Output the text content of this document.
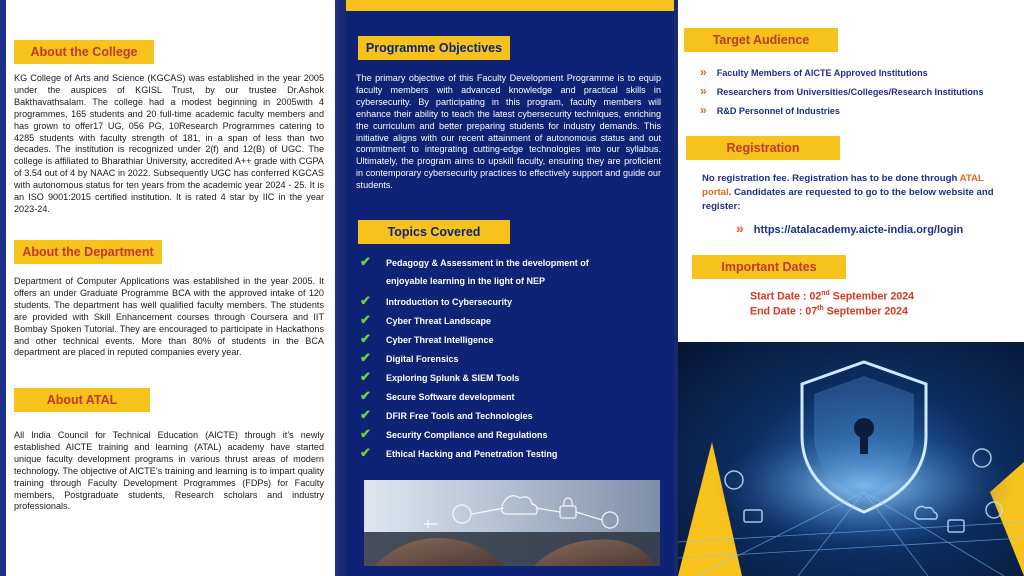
About the College
KG College of Arts and Science (KGCAS) was established in the year 2005 under the auspices of KGISL Trust, by our trustee Dr.Ashok Bakthavathsalam. The college had a modest beginning in 2005with 4 programmes, 165 students and 20 full-time academic faculty members and has grown to offer17 UG, 056 PG, 10Research Programmes catering to 4285 students with faculty strength of 181, in a span of less than two decades. The institution is recognized under 2(f) and 12(B) of UGC. The college is affiliated to Bharathiar University, accredited A++ grade with CGPA of 3.54 out of 4 by NAAC in 2022. Subsequently UGC has conferred KGCAS with autonomous status for ten years from the academic year 2024 - 25. It is an ISO 9001:2015 certified institution. It is rated 4 star by IIC in the year 2023-24.
About the Department
Department of Computer Applications was established in the year 2005. It offers an under Graduate Programme BCA with the approved intake of 120 students. The department has well qualified faculty members. The students are provided with Skill Enhancement courses through Coursera and IIT Bombay Spoken Tutorial. They are encouraged to participate in Hackathons and other technical events. More than 80% of students in the BCA department are placed in reputed companies every year.
About ATAL
All India Council for Technical Education (AICTE) through it’s newly established AICTE training and learning (ATAL) academy have started unique faculty development programs in various thrust areas of modern technology. The objective of AICTE’s training and learning is to impart quality training through Faculty Development Programmes (FDPs) for Faculty members, Postgraduate students, Research scholars and industry professionals.
Programme Objectives
The primary objective of this Faculty Development Programme is to equip faculty members with advanced knowledge and practical skills in cybersecurity. By participating in this program, faculty members will enhance their ability to teach the latest cybersecurity techniques, enriching the curriculum and better preparing students for industry demands. This initiative aligns with our recent attainment of autonomous status and out commitment to integrating cutting-edge technologies into our syllabus. Ultimately, the program aims to upskill faculty, ensuring they are proficient in contemporary cybersecurity practices to effectively support and guide our students.
Topics Covered
✔ Pedagogy & Assessment in the development of
enjoyable learning in the light of NEP
✔ Introduction to Cybersecurity
✔ Cyber Threat Landscape
✔ Cyber Threat Intelligence
✔ Digital Forensics
✔ Exploring Splunk & SIEM Tools
✔ Secure Software development
✔ DFIR Free Tools and Technologies
✔ Security Compliance and Regulations
✔ Ethical Hacking and Penetration Testing
Target Audience
» Faculty Members of AICTE Approved Institutions
» Researchers from Universities/Colleges/Research Institutions
» R&D Personnel of Industries
Registration
No registration fee. Registration has to be done through ATAL portal. Candidates are requested to go to the below website and register:
» https://atalacademy.aicte-india.org/login
Important Dates
Start Date : 02nd September 2024
End Date : 07th September 2024
